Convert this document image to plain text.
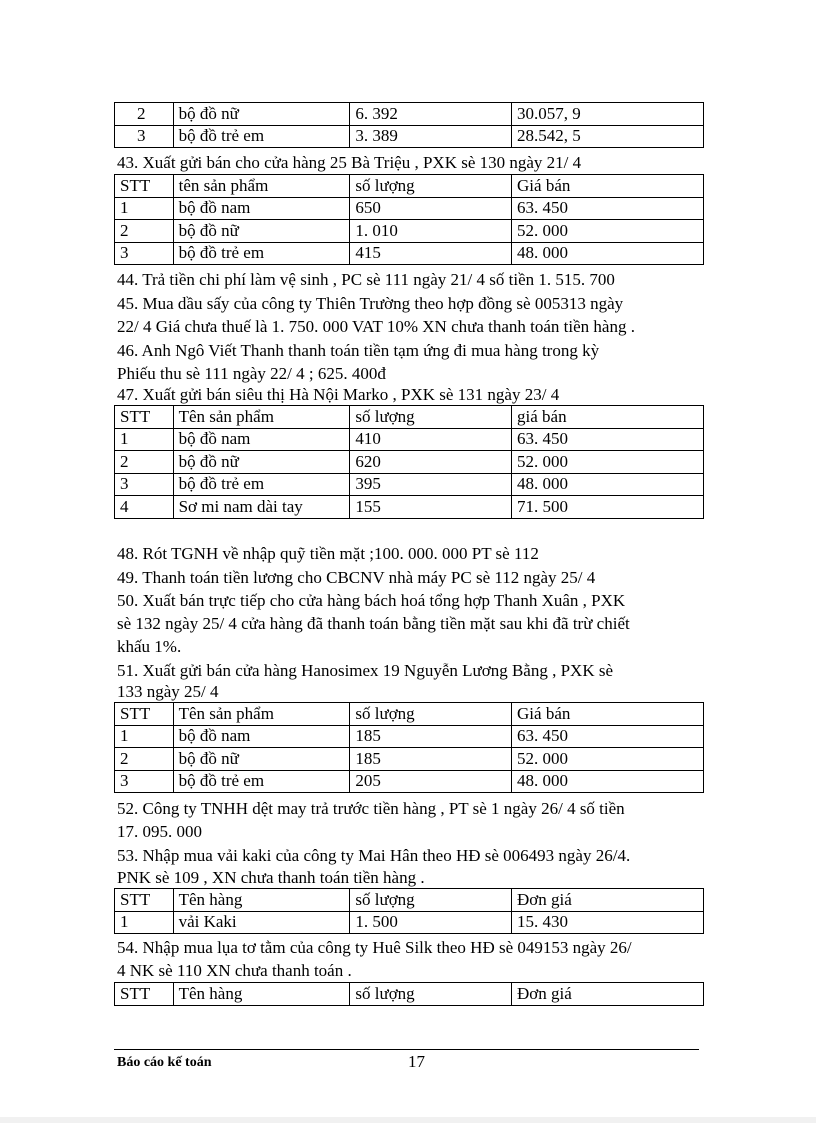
2	bộ đồ nữ	6. 392	30.057, 9
3	bộ đồ trẻ em	3. 389	28.542, 5
43. Xuất gửi bán cho cửa hàng 25 Bà Triệu , PXK sè 130 ngày 21/ 4
STT	tên sản phẩm	số lượng	Giá bán
1	bộ đồ nam	650	63. 450
2	bộ đồ nữ	1. 010	52. 000
3	bộ đồ trẻ em	415	48. 000
44. Trả tiền chi phí làm vệ sinh , PC sè 111 ngày 21/ 4 số tiền 1. 515. 700
45. Mua dầu sấy của công ty Thiên Trường theo hợp đồng sè 005313 ngày
22/ 4 Giá chưa thuế là 1. 750. 000 VAT 10% XN chưa thanh toán tiền hàng .
46. Anh Ngô Viết Thanh thanh toán tiền tạm ứng đi mua hàng trong kỳ
Phiếu thu sè 111 ngày 22/ 4 ; 625. 400đ
47. Xuất gửi bán siêu thị Hà Nội Marko , PXK sè 131 ngày 23/ 4
STT	Tên sản phẩm	số lượng	giá bán
1	bộ đồ nam	410	63. 450
2	bộ đồ nữ	620	52. 000
3	bộ đồ trẻ em	395	48. 000
4	Sơ mi nam dài tay	155	71. 500
48. Rót TGNH về nhập quỹ tiền mặt ;100. 000. 000 PT sè 112
49. Thanh toán tiền lương cho CBCNV nhà máy PC sè 112 ngày 25/ 4
50. Xuất bán trực tiếp cho cửa hàng bách hoá tổng hợp Thanh Xuân , PXK
sè 132 ngày 25/ 4 cửa hàng đã thanh toán bằng tiền mặt sau khi đã trừ chiết
khấu 1%.
51. Xuất gửi bán cửa hàng Hanosimex 19 Nguyễn Lương Bằng , PXK sè
133 ngày 25/ 4
STT	Tên sản phẩm	số lượng	Giá bán
1	bộ đồ nam	185	63. 450
2	bộ đồ nữ	185	52. 000
3	bộ đồ trẻ em	205	48. 000
52. Công ty TNHH dệt may trả trước tiền hàng , PT sè 1 ngày 26/ 4 số tiền
17. 095. 000
53. Nhập mua vải kaki của công ty Mai Hân theo HĐ sè 006493 ngày 26/4.
PNK sè 109 , XN chưa thanh toán tiền hàng .
STT	Tên hàng	số lượng	Đơn giá
1	vải Kaki	1. 500	15. 430
54. Nhập mua lụa tơ tằm của công ty Huê Silk theo HĐ sè 049153 ngày 26/
4 NK sè 110 XN chưa thanh toán .
STT	Tên hàng	số lượng	Đơn giá
Báo cáo kế toán	17
